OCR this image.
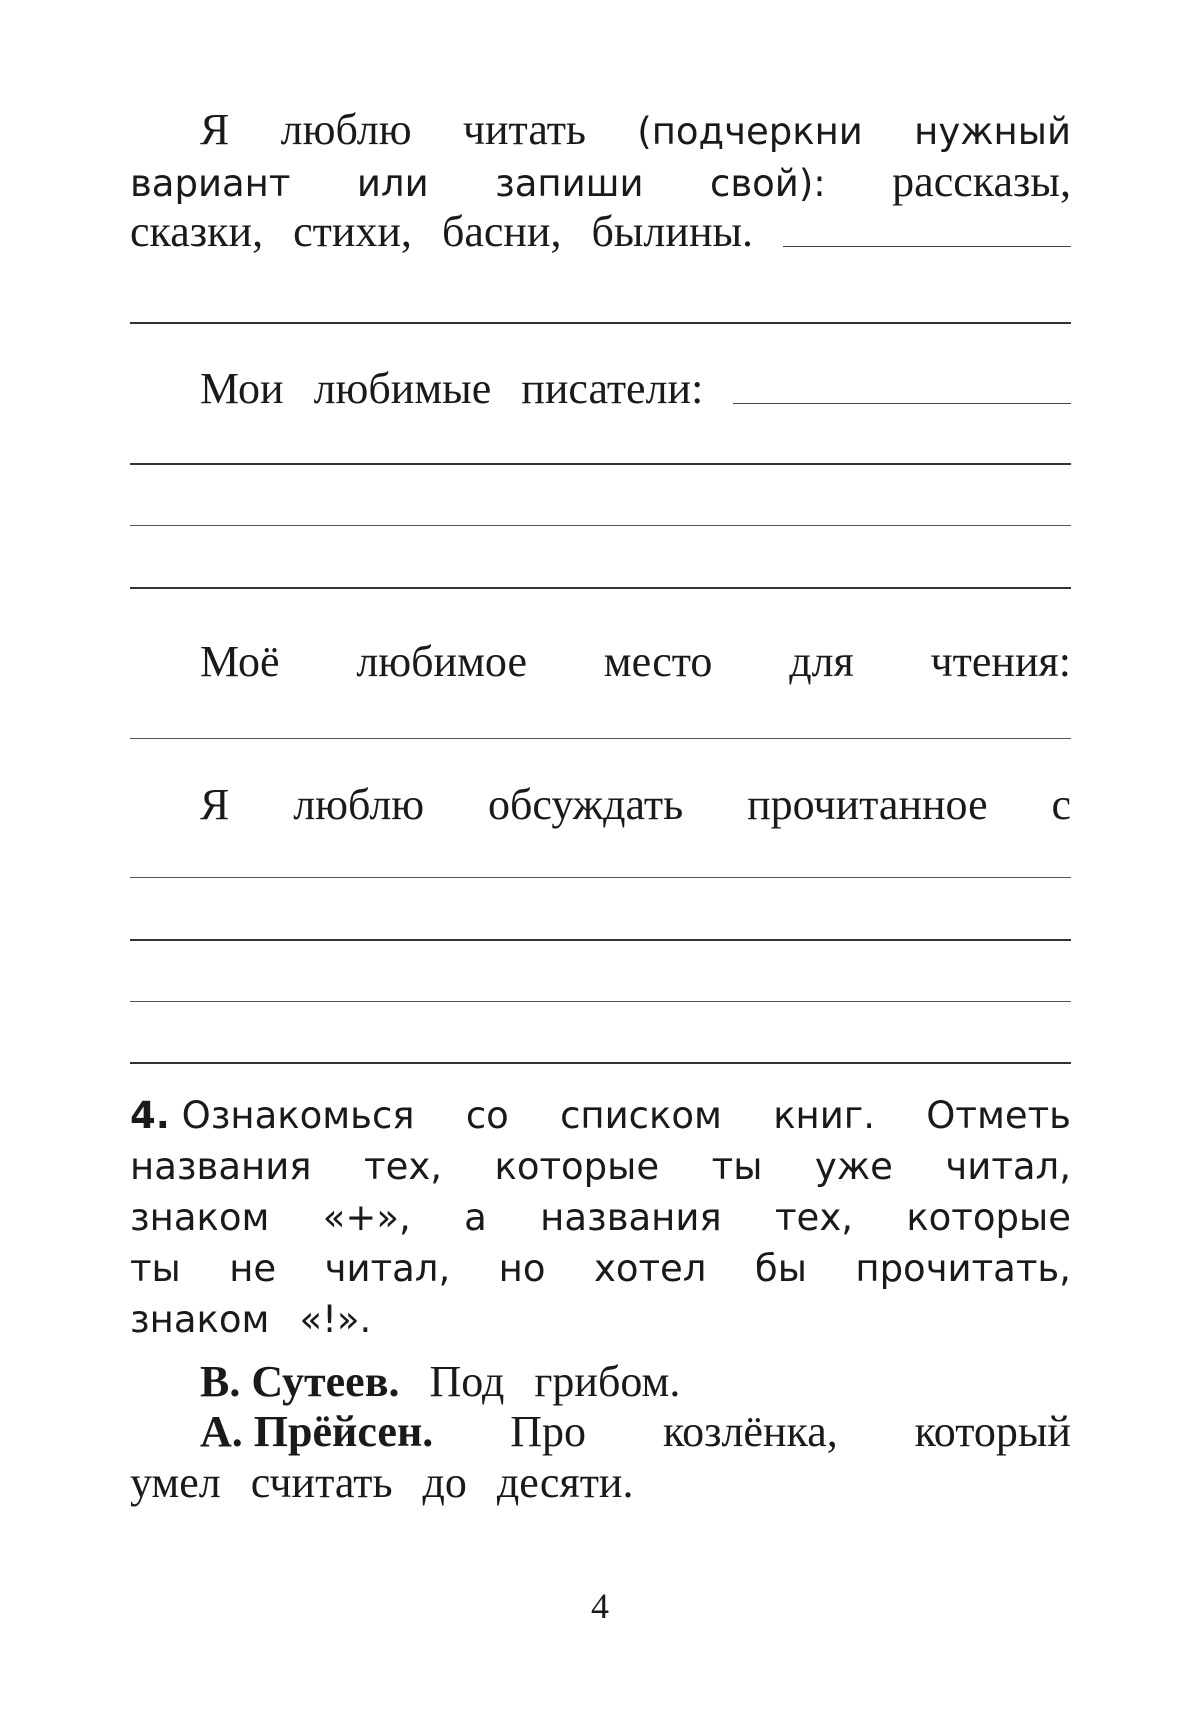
Я люблю читать (подчеркни нужный
вариант или запиши свой): рассказы,
сказки, стихи, басни, былины.
Мои любимые писатели:
Моё любимое место для чтения:
Я люблю обсуждать прочитанное с
4. Ознакомься со списком книг. Отметь
названия тех, которые ты уже читал,
знаком «+», а названия тех, которые
ты не читал, но хотел бы прочитать,
знаком «!».
В. Сутеев. Под грибом.
А. Прёйсен. Про козлёнка, который
умел считать до десяти.
4
